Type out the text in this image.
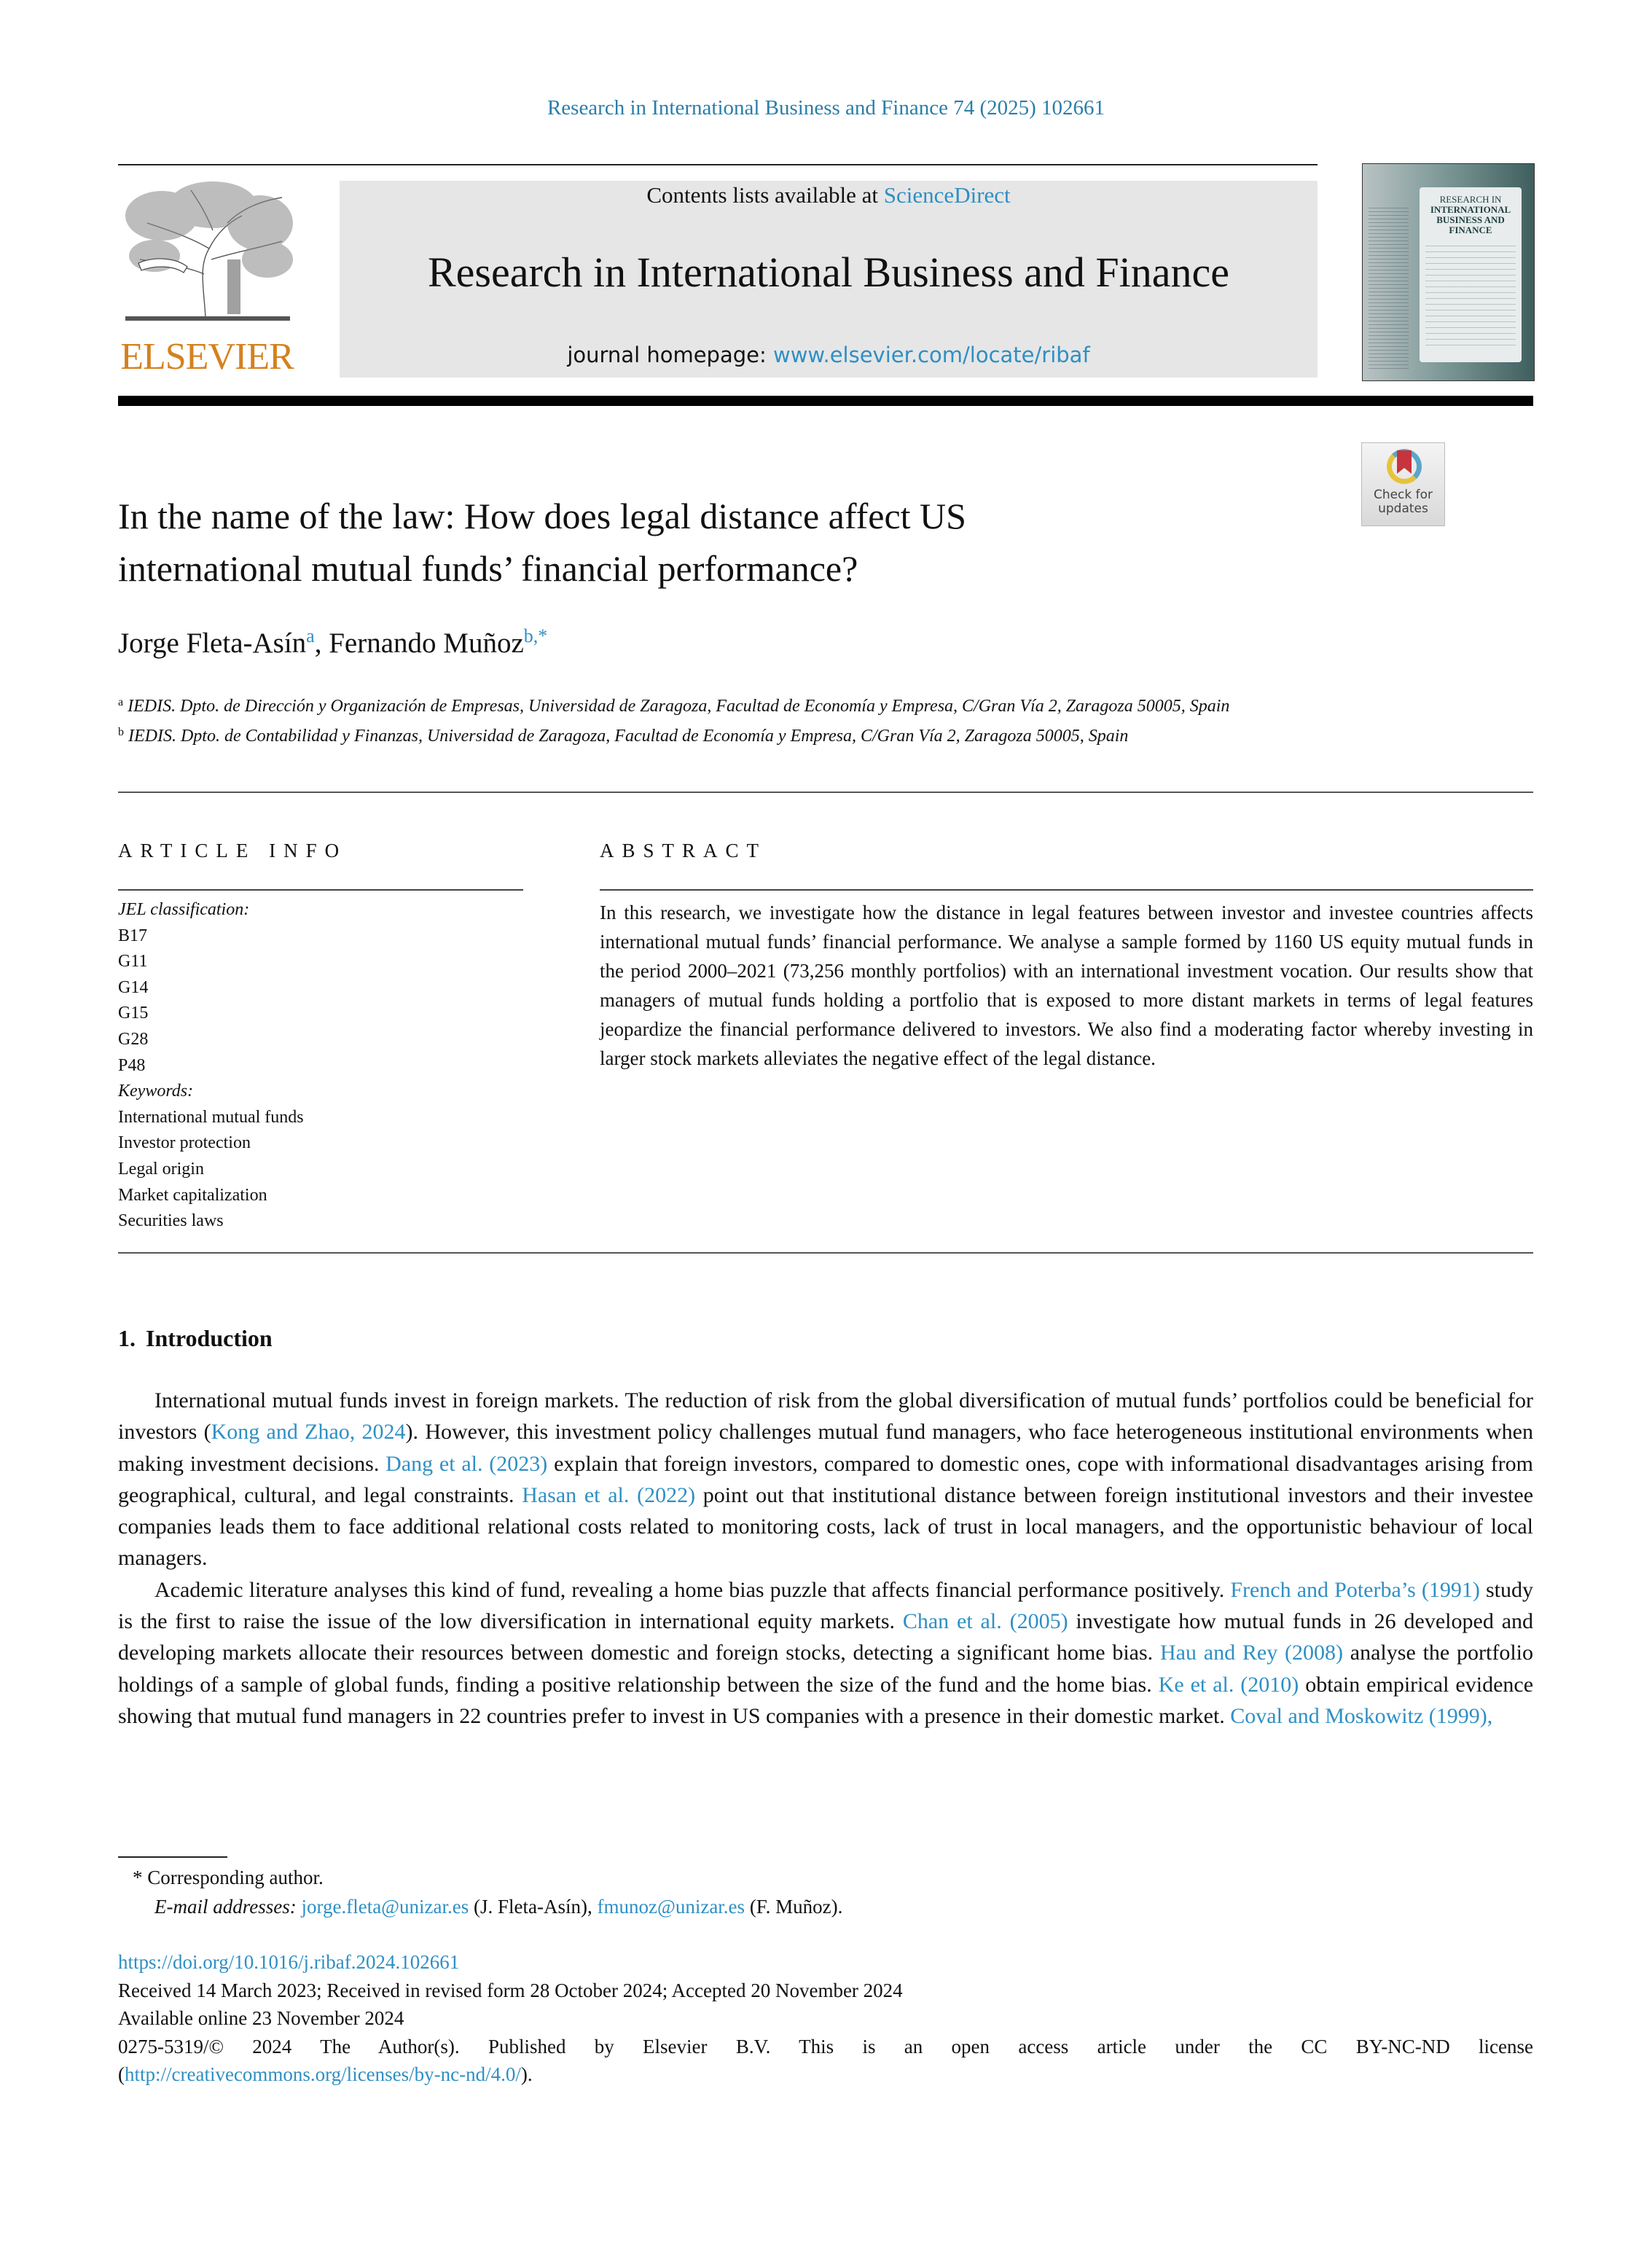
Research in International Business and Finance 74 (2025) 102661
ELSEVIER
Contents lists available at ScienceDirect
Research in International Business and Finance
journal homepage: www.elsevier.com/locate/ribaf
RESEARCH IN
INTERNATIONAL
BUSINESS AND
FINANCE
Check for
updates
In the name of the law: How does legal distance affect US
international mutual funds’ financial performance?
Jorge Fleta-Asín$^a$, Fernando Muñoz$^{b,*}$
$^a$ IEDIS. Dpto. de Dirección y Organización de Empresas, Universidad de Zaragoza, Facultad de Economía y Empresa, C/Gran Vía 2, Zaragoza 50005, Spain
$^b$ IEDIS. Dpto. de Contabilidad y Finanzas, Universidad de Zaragoza, Facultad de Economía y Empresa, C/Gran Vía 2, Zaragoza 50005, Spain
ARTICLE INFO	ABSTRACT
JEL classification:
B17
G11
G14
G15
G28
P48
Keywords:
International mutual funds
Investor protection
Legal origin
Market capitalization
Securities laws
In this research, we investigate how the distance in legal features between investor and investee countries affects international mutual funds’ financial performance. We analyse a sample formed by 1160 US equity mutual funds in the period 2000–2021 (73,256 monthly portfolios) with an international investment vocation. Our results show that managers of mutual funds holding a portfolio that is exposed to more distant markets in terms of legal features jeopardize the financial performance delivered to investors. We also find a moderating factor whereby investing in larger stock markets alleviates the negative effect of the legal distance.
1. Introduction

International mutual funds invest in foreign markets. The reduction of risk from the global diversification of mutual funds’ portfolios could be beneficial for investors (Kong and Zhao, 2024). However, this investment policy challenges mutual fund managers, who face heterogeneous institutional environments when making investment decisions. Dang et al. (2023) explain that foreign investors, compared to domestic ones, cope with informational disadvantages arising from geographical, cultural, and legal constraints. Hasan et al. (2022) point out that institutional distance between foreign institutional investors and their investee companies leads them to face additional relational costs related to monitoring costs, lack of trust in local managers, and the opportunistic behaviour of local managers.

Academic literature analyses this kind of fund, revealing a home bias puzzle that affects financial performance positively. French and Poterba’s (1991) study is the first to raise the issue of the low diversification in international equity markets. Chan et al. (2005) investigate how mutual funds in 26 developed and developing markets allocate their resources between domestic and foreign stocks, detecting a significant home bias. Hau and Rey (2008) analyse the portfolio holdings of a sample of global funds, finding a positive relationship between the size of the fund and the home bias. Ke et al. (2010) obtain empirical evidence showing that mutual fund managers in 22 countries prefer to invest in US companies with a presence in their domestic market. Coval and Moskowitz (1999),

* Corresponding author.
E-mail addresses: jorge.fleta@unizar.es (J. Fleta-Asín), fmunoz@unizar.es (F. Muñoz).
https://doi.org/10.1016/j.ribaf.2024.102661
Received 14 March 2023; Received in revised form 28 October 2024; Accepted 20 November 2024
Available online 23 November 2024
0275-5319/© 2024 The Author(s). Published by Elsevier B.V. This is an open access article under the CC BY-NC-ND license
(http://creativecommons.org/licenses/by-nc-nd/4.0/).
